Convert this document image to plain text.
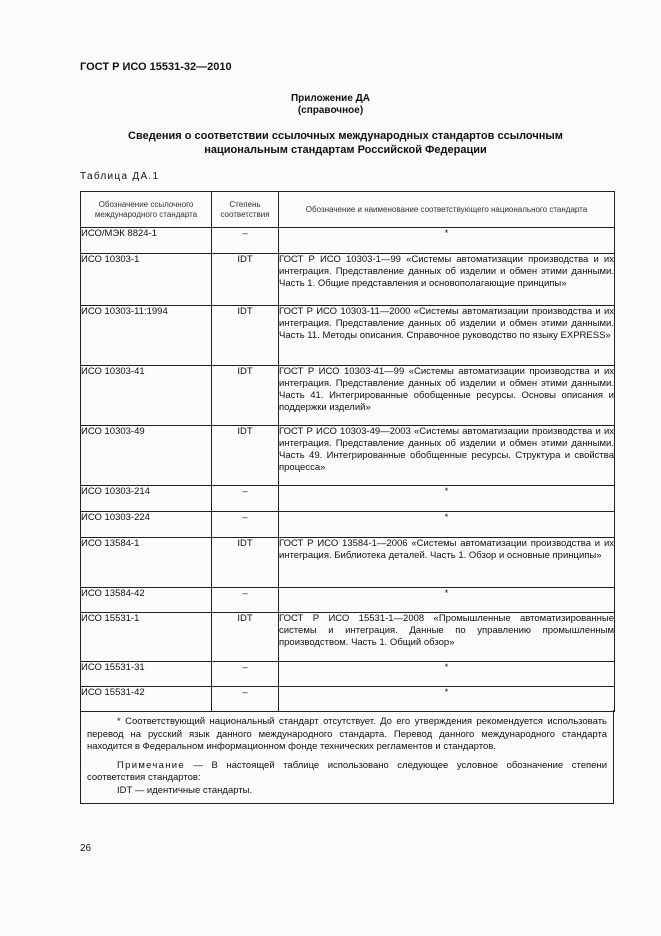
ГОСТ Р ИСО 15531-32—2010
Приложение ДА
(справочное)
Сведения о соответствии ссылочных международных стандартов ссылочным
национальным стандартам Российской Федерации
Таблица ДА.1
Обозначение ссылочного международного стандарта	Степень соответствия	Обозначение и наименование соответствующего национального стандарта
ИСО/МЭК 8824-1	–	*
ИСО 10303-1	IDT	ГОСТ Р ИСО 10303-1—99 «Системы автоматизации производства и их интеграция. Представление данных об изделии и обмен этими данными. Часть 1. Общие представления и основополагающие принципы»
ИСО 10303-11:1994	IDT	ГОСТ Р ИСО 10303-11—2000 «Системы автоматизации производства и их интеграция. Представление данных об изделии и обмен этими данными. Часть 11. Методы описания. Справочное руководство по языку EXPRESS»
ИСО 10303-41	IDT	ГОСТ Р ИСО 10303-41—99 «Системы автоматизации производства и их интеграция. Представление данных об изделии и обмен этими данными. Часть 41. Интегрированные обобщенные ресурсы. Основы описания и поддержки изделий»
ИСО 10303-49	IDT	ГОСТ Р ИСО 10303-49—2003 «Системы автоматизации производства и их интеграция. Представление данных об изделии и обмен этими данными. Часть 49. Интегрированные обобщенные ресурсы. Структура и свойства процесса»
ИСО 10303-214	–	*
ИСО 10303-224	–	*
ИСО 13584-1	IDT	ГОСТ Р ИСО 13584-1—2006 «Системы автоматизации производства и их интеграция. Библиотека деталей. Часть 1. Обзор и основные принципы»
ИСО 13584-42	–	*
ИСО 15531-1	IDT	ГОСТ Р ИСО 15531-1—2008 «Промышленные автоматизированные системы и интеграция. Данные по управлению промышленным производством. Часть 1. Общий обзор»
ИСО 15531-31	–	*
ИСО 15531-42	–	*

* Соответствующий национальный стандарт отсутствует. До его утверждения рекомендуется использовать перевод на русский язык данного международного стандарта. Перевод данного международного стандарта находится в Федеральном информационном фонде технических регламентов и стандартов.

Примечание — В настоящей таблице использовано следующее условное обозначение степени соответствия стандартов:

IDT — идентичные стандарты.

26
